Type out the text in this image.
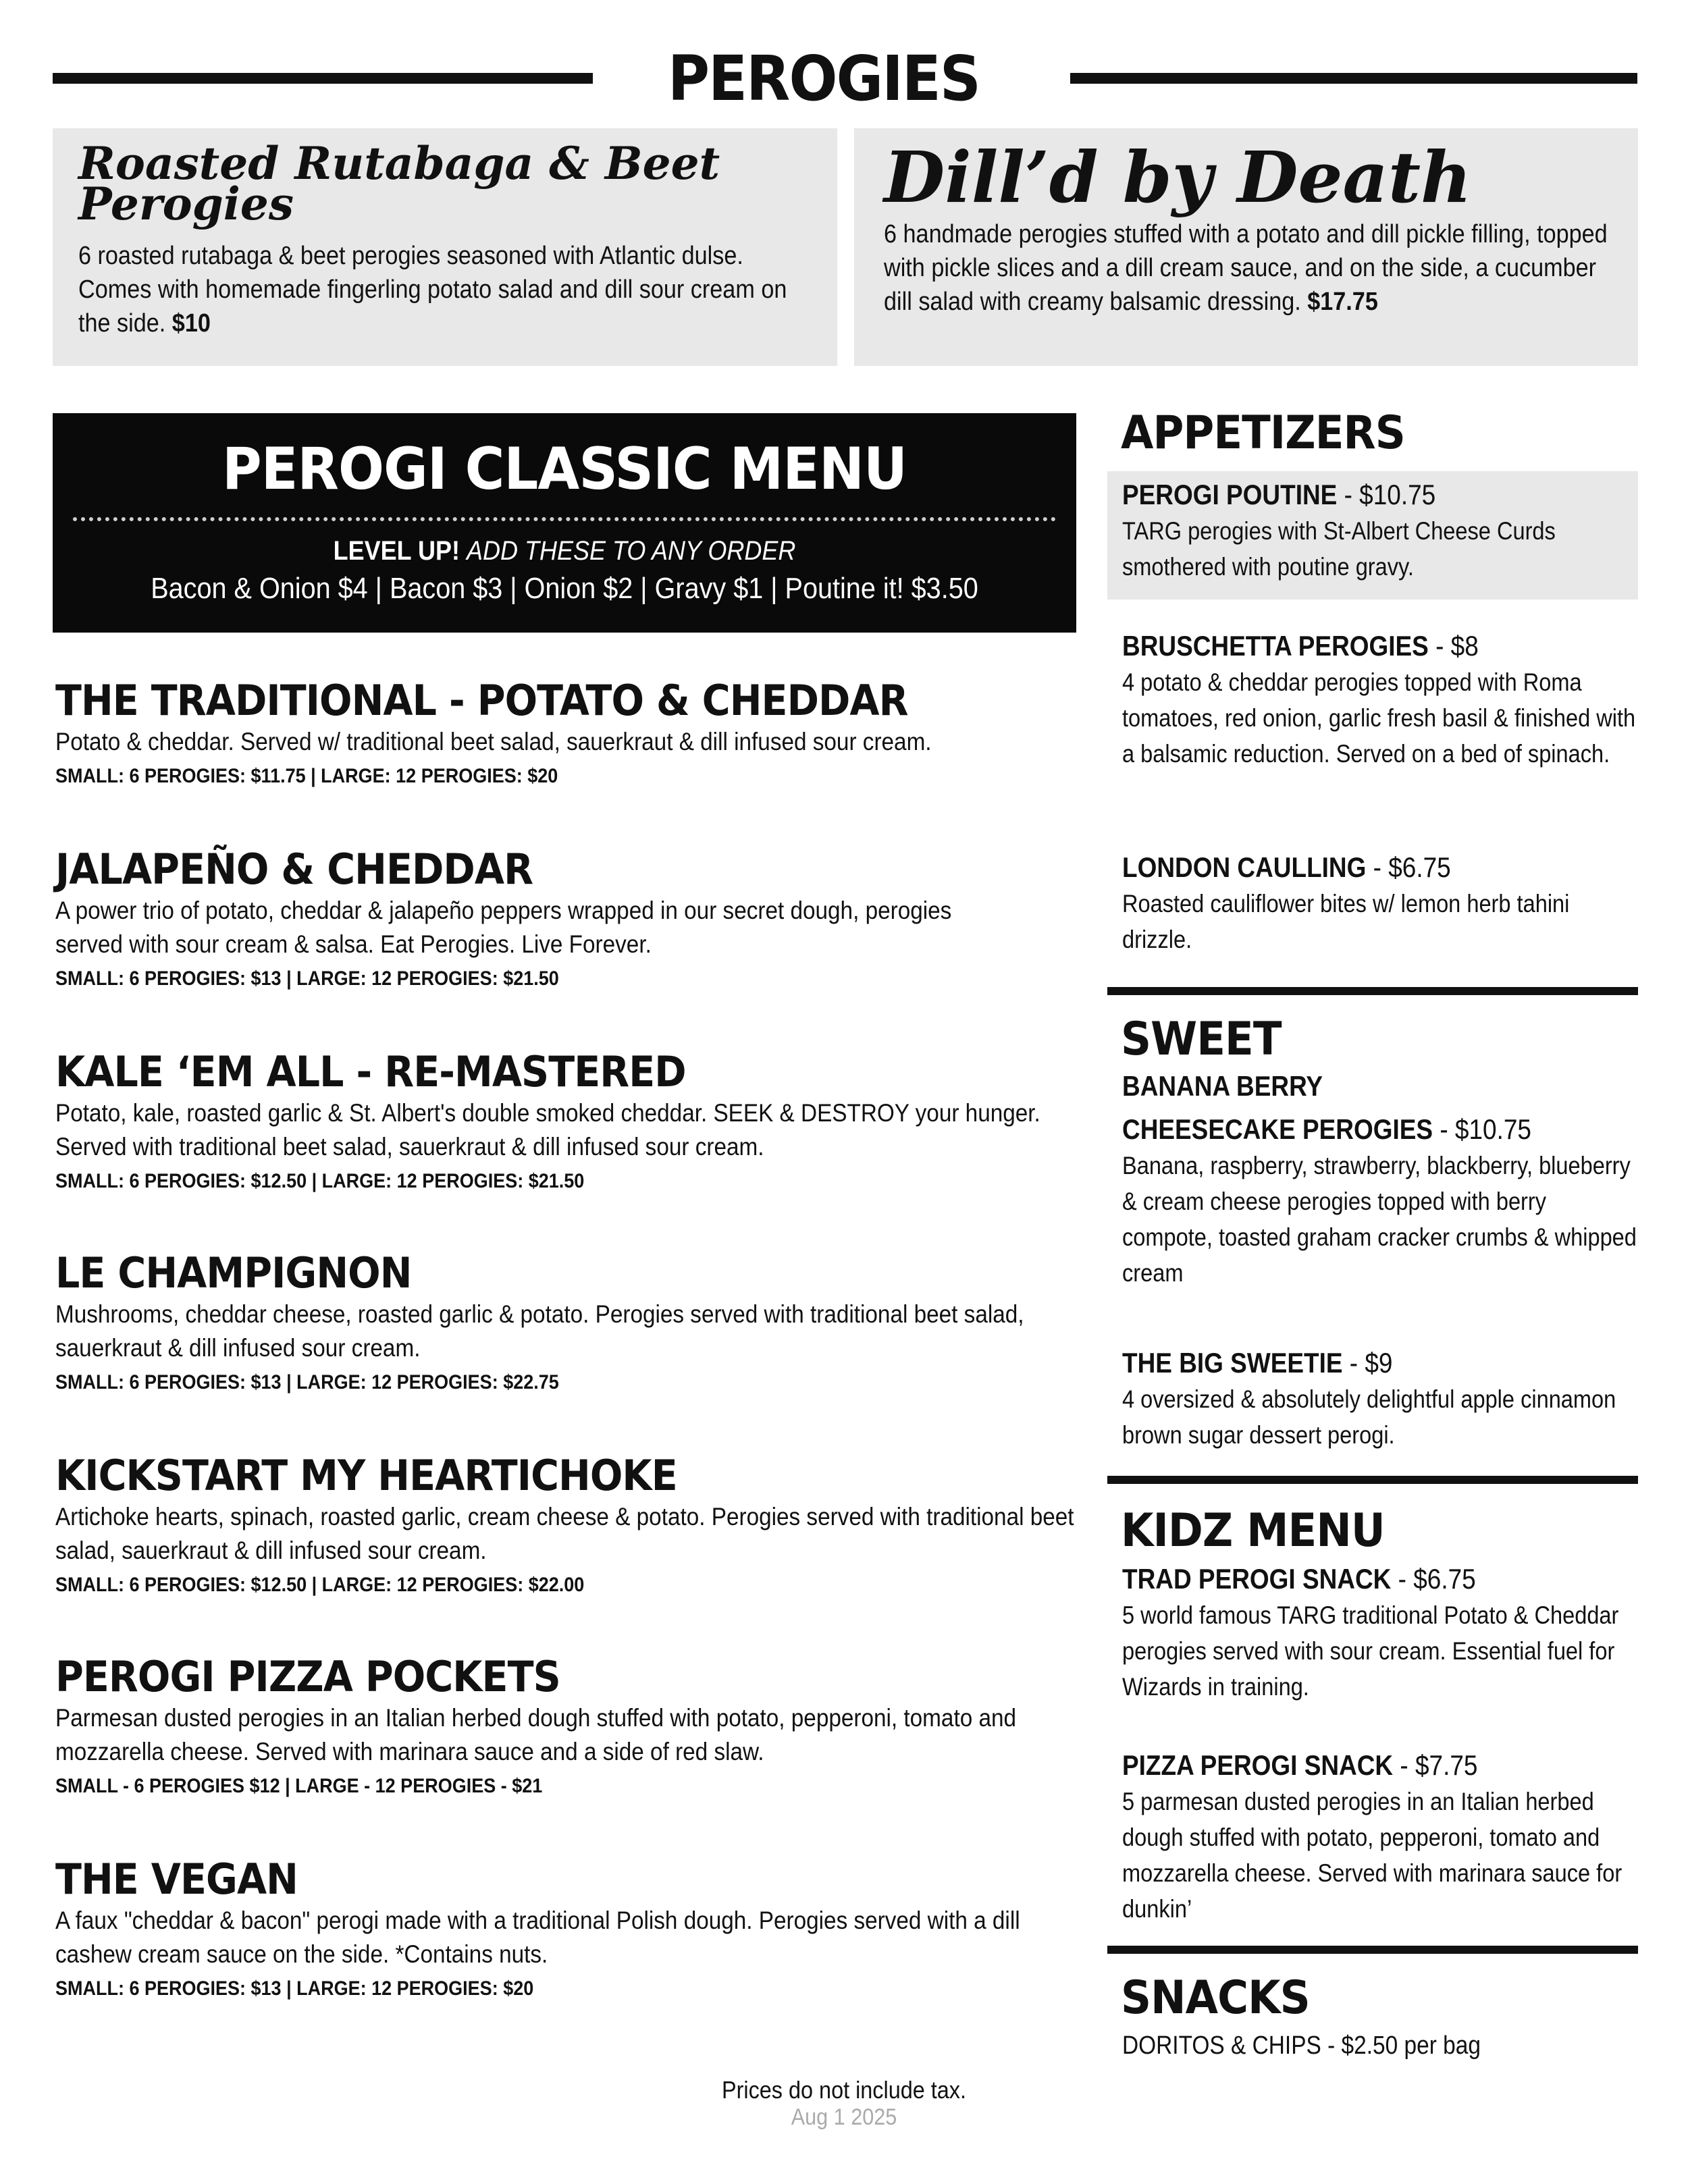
PEROGIES
Roasted Rutabaga & Beet Perogies
6 roasted rutabaga & beet perogies seasoned with Atlantic dulse. Comes with homemade fingerling potato salad and dill sour cream on the side. $10
Dill’d by Death
6 handmade perogies stuffed with a potato and dill pickle filling, topped with pickle slices and a dill cream sauce, and on the side, a cucumber dill salad with creamy balsamic dressing. $17.75
PEROGI CLASSIC MENU
LEVEL UP! ADD THESE TO ANY ORDER
Bacon & Onion $4 | Bacon $3 | Onion $2 | Gravy $1 | Poutine it! $3.50
THE TRADITIONAL - POTATO & CHEDDAR
Potato & cheddar. Served w/ traditional beet salad, sauerkraut & dill infused sour cream.
SMALL: 6 PEROGIES: $11.75 | LARGE: 12 PEROGIES: $20
JALAPEÑO & CHEDDAR
A power trio of potato, cheddar & jalapeño peppers wrapped in our secret dough, perogies served with sour cream & salsa. Eat Perogies. Live Forever.
SMALL: 6 PEROGIES: $13 | LARGE: 12 PEROGIES: $21.50
KALE ‘EM ALL - RE-MASTERED
Potato, kale, roasted garlic & St. Albert's double smoked cheddar. SEEK & DESTROY your hunger. Served with traditional beet salad, sauerkraut & dill infused sour cream.
SMALL: 6 PEROGIES: $12.50 | LARGE: 12 PEROGIES: $21.50
LE CHAMPIGNON
Mushrooms, cheddar cheese, roasted garlic & potato. Perogies served with traditional beet salad, sauerkraut & dill infused sour cream.
SMALL: 6 PEROGIES: $13 | LARGE: 12 PEROGIES: $22.75
KICKSTART MY HEARTICHOKE
Artichoke hearts, spinach, roasted garlic, cream cheese & potato. Perogies served with traditional beet salad, sauerkraut & dill infused sour cream.
SMALL: 6 PEROGIES: $12.50 | LARGE: 12 PEROGIES: $22.00
PEROGI PIZZA POCKETS
Parmesan dusted perogies in an Italian herbed dough stuffed with potato, pepperoni, tomato and mozzarella cheese. Served with marinara sauce and a side of red slaw.
SMALL - 6 PEROGIES $12 | LARGE - 12 PEROGIES - $21
THE VEGAN
A faux "cheddar & bacon" perogi made with a traditional Polish dough. Perogies served with a dill cashew cream sauce on the side. *Contains nuts.
SMALL: 6 PEROGIES: $13 | LARGE: 12 PEROGIES: $20
APPETIZERS
PEROGI POUTINE - $10.75
TARG perogies with St-Albert Cheese Curds smothered with poutine gravy.
BRUSCHETTA PEROGIES - $8
4 potato & cheddar perogies topped with Roma tomatoes, red onion, garlic fresh basil & finished with a balsamic reduction. Served on a bed of spinach.
LONDON CAULLING - $6.75
Roasted cauliflower bites w/ lemon herb tahini drizzle.
SWEET
BANANA BERRY
CHEESECAKE PEROGIES - $10.75
Banana, raspberry, strawberry, blackberry, blueberry & cream cheese perogies topped with berry compote, toasted graham cracker crumbs & whipped cream
THE BIG SWEETIE - $9
4 oversized & absolutely delightful apple cinnamon brown sugar dessert perogi.
KIDZ MENU
TRAD PEROGI SNACK - $6.75
5 world famous TARG traditional Potato & Cheddar perogies served with sour cream. Essential fuel for Wizards in training.
PIZZA PEROGI SNACK - $7.75
5 parmesan dusted perogies in an Italian herbed dough stuffed with potato, pepperoni, tomato and mozzarella cheese. Served with marinara sauce for dunkin’
SNACKS
DORITOS & CHIPS - $2.50 per bag
Prices do not include tax.
Aug 1 2025
